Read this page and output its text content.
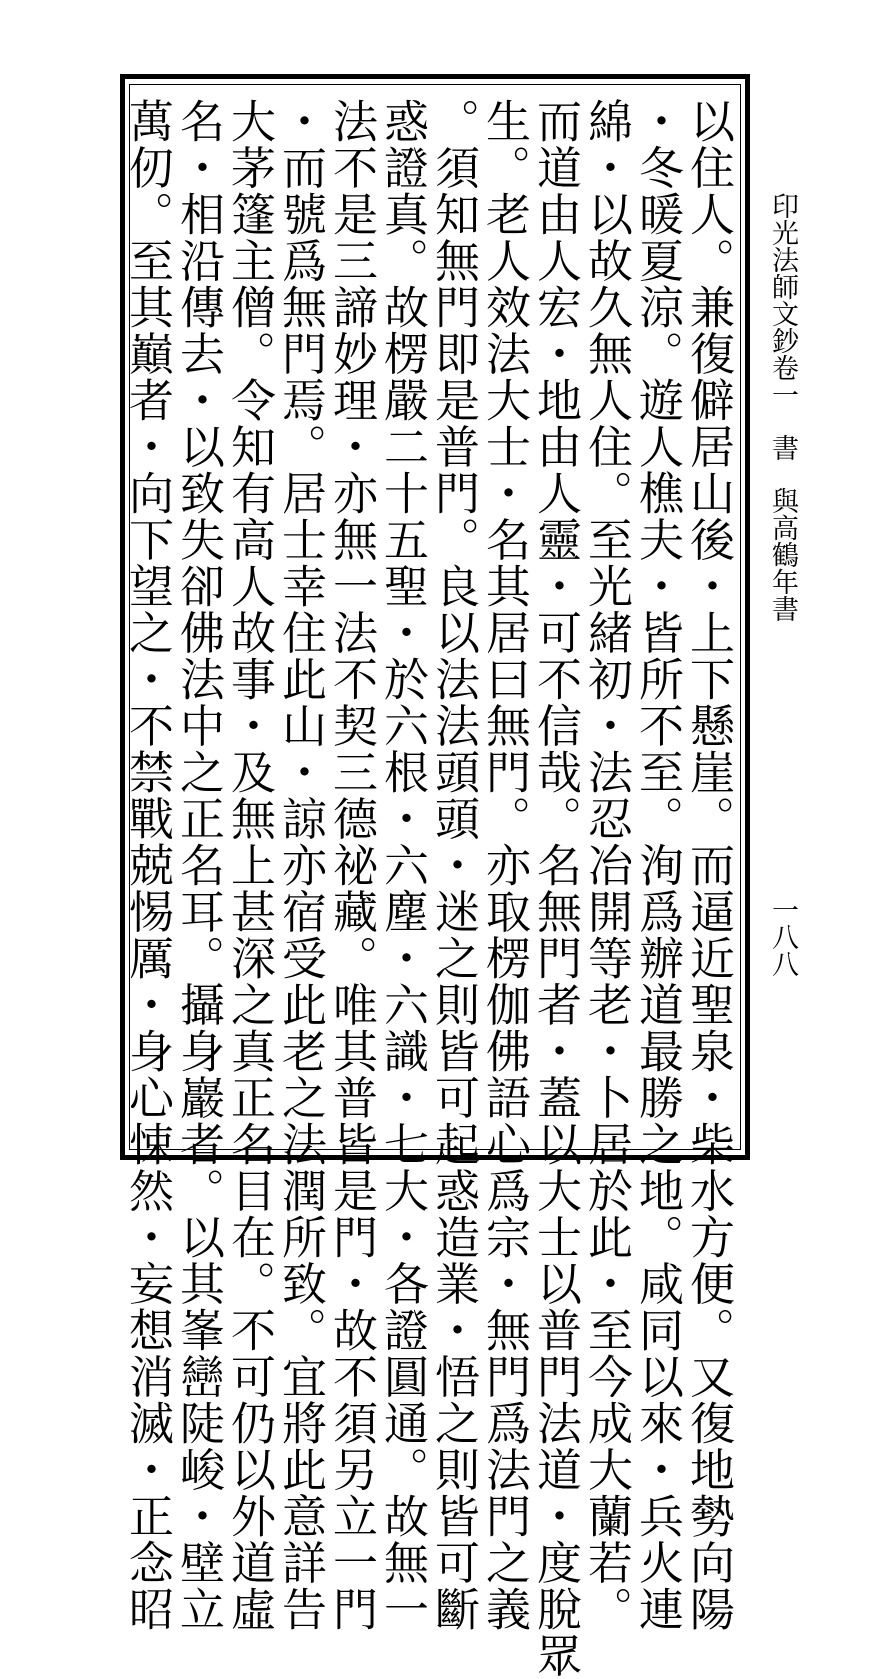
印光法師文鈔卷一書與高鶴年書
一八八

以住人。兼復僻居山後・上下懸崖。而逼近聖泉・柴水方便。又復地勢向陽

・冬暖夏涼。遊人樵夫・皆所不至。洵爲辦道最勝之地。咸同以來・兵火連

綿・以故久無人住。至光緒初・法忍冶開等老・卜居於此・至今成大蘭若。

而道由人宏・地由人靈・可不信哉。名無門者・蓋以大士以普門法道・度脫眾

生。老人效法大士・名其居曰無門。亦取楞伽佛語心爲宗・無門爲法門之義

。須知無門即是普門。良以法法頭頭・迷之則皆可起惑造業・悟之則皆可斷

惑證真。故楞嚴二十五聖・於六根・六塵・六識・七大・各證圓通。故無一

法不是三諦妙理・亦無一法不契三德祕藏。唯其普皆是門・故不須另立一門

・而號爲無門焉。居士幸住此山・諒亦宿受此老之法潤所致。宜將此意詳告

大茅篷主僧。令知有高人故事・及無上甚深之真正名目在。不可仍以外道虛

名・相沿傳去・以致失卻佛法中之正名耳。攝身巖者。以其峯巒陡峻・壁立

萬仞。至其巔者・向下望之・不禁戰兢惕厲・身心悚然・妄想消滅・正念昭
